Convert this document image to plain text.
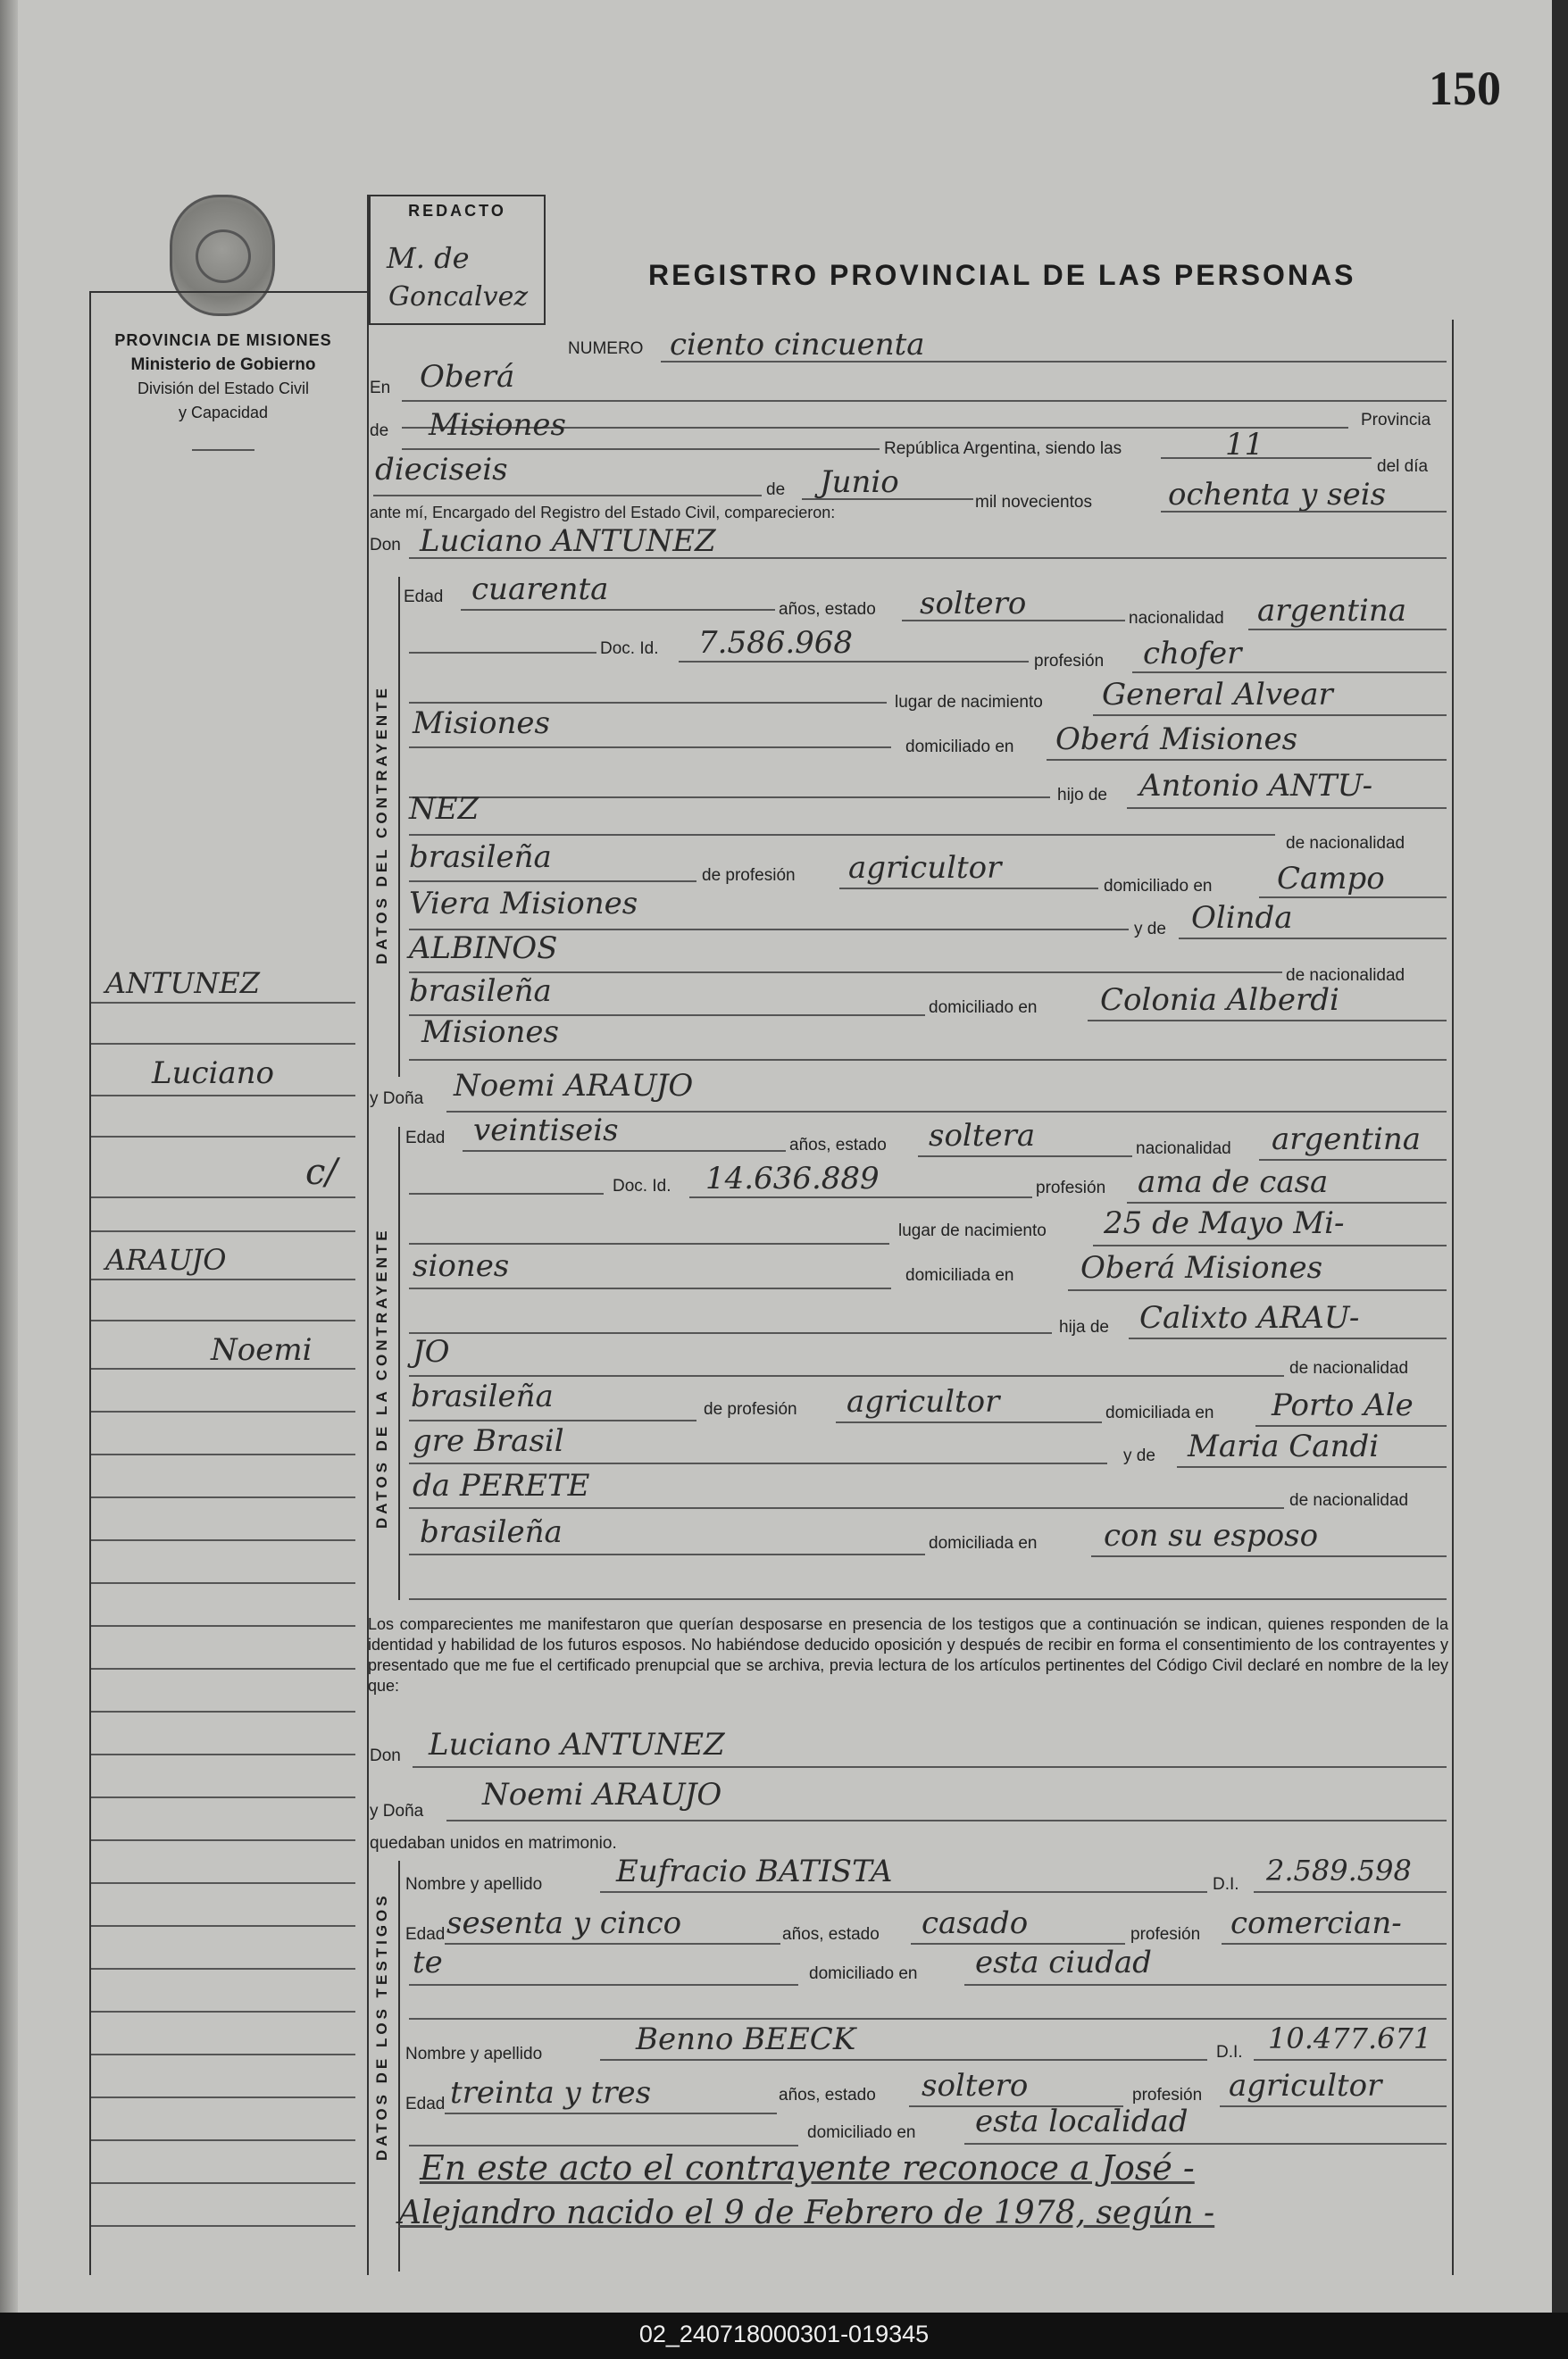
02_240718000301-019345
150
PROVINCIA DE MISIONES
Ministerio de Gobierno
División del Estado Civil
y Capacidad
REDACTO
M. de
Goncalvez
REGISTRO PROVINCIAL DE LAS PERSONAS
ANTUNEZ
Luciano
c/
ARAUJO
Noemi
NUMERO ciento cincuenta
En Oberá
Provincia
de Misiones
República Argentina, siendo las	11
del día
dieciseis
de Junio
mil novecientos	ochenta y seis
ante mí, Encargado del Registro del Estado Civil, comparecieron:
Don Luciano ANTUNEZ
DATOS DEL CONTRAYENTE
Edad cuarenta
años, estado soltero	nacionalidad argentina
Doc. Id. 7.586.968
profesión chofer
lugar de nacimiento General Alvear
Misiones
domiciliado en Oberá Misiones
hijo de Antonio ANTU-
NEZ
de nacionalidad
brasileña
de profesión agricultor
domiciliado en Campo
Viera Misiones
y de Olinda
ALBINOS
de nacionalidad
brasileña	domiciliado en Colonia Alberdi
Misiones
y Doña Noemi ARAUJO
DATOS DE LA CONTRAYENTE
Edad veintiseis	años, estado soltera	nacionalidad argentina
Doc. Id. 14.636.889	profesión ama de casa
lugar de nacimiento 25 de Mayo Mi-
siones	domiciliada en Oberá Misiones
hija de Calixto ARAU-
JO	de nacionalidad
brasileña	de profesión agricultor	domiciliada en Porto Ale
gre Brasil	y de Maria Candi
da PERETE	de nacionalidad
brasileña	domiciliada en con su esposo
Los comparecientes me manifestaron que querían desposarse en presencia de los testigos que a continuación se indican, quienes responden de la identidad y habilidad de los futuros esposos. No habiéndose deducido oposición y después de recibir en forma el consentimiento de los contrayentes y presentado que me fue el certificado prenupcial que se archiva, previa lectura de los artículos pertinentes del Código Civil declaré en nombre de la ley que:
Don Luciano ANTUNEZ
y Doña Noemi ARAUJO
quedaban unidos en matrimonio.
DATOS DE LOS TESTIGOS
Nombre y apellido Eufracio BATISTA	D.I. 2.589.598
Edad sesenta y cinco	años, estado casado	profesión comercian-
te	domiciliado en esta ciudad
Nombre y apellido	Benno BEECK	D.I. 10.477.671
Edad treinta y tres	años, estado soltero	profesión agricultor
domiciliado en esta localidad
En este acto el contrayente reconoce a José -
Alejandro nacido el 9 de Febrero de 1978, según -
